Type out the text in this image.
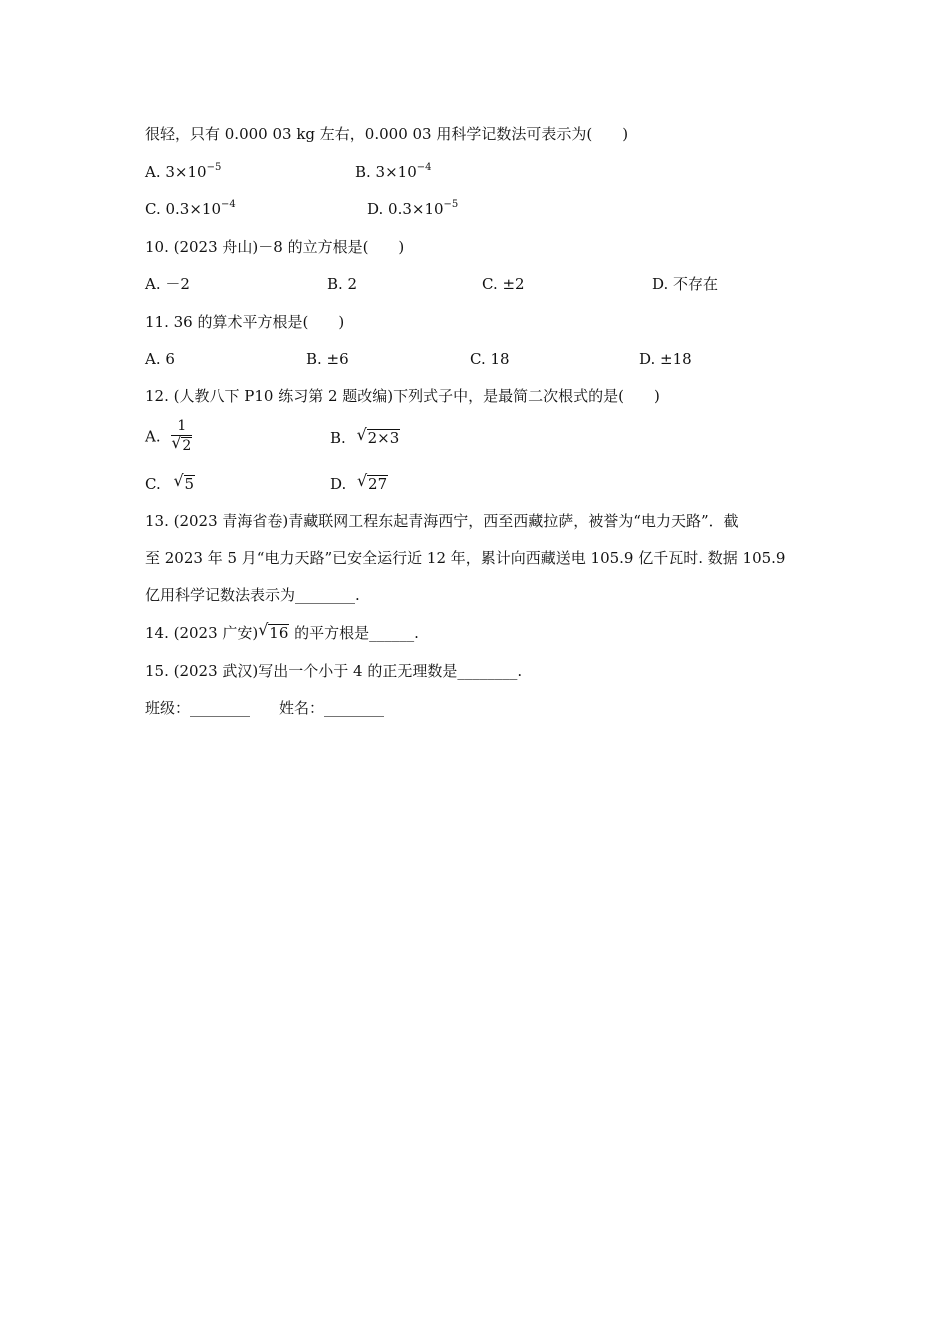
很轻，只有 0.000 03 kg 左右，0.000 03 用科学记数法可表示为(　　)
A. $3\times 10^{-5}$	B. $3\times 10^{-4}$
C. $0.3\times 10^{-4}$	D. $0.3\times 10^{-5}$
10. (2023 舟山)－8 的立方根是(　　)
A. －2	B. 2	C. ±2	D. 不存在
11. 36 的算术平方根是(　　)
A. 6	B. ±6	C. 18	D. ±18
12. (人教八下 P10 练习第 2 题改编)下列式子中，是最简二次根式的是(　　)
A. $\frac{1}{√ 2}$	B. √ 2×3
C. √ 5	D. √ 27
13. (2023 青海省卷)青藏联网工程东起青海西宁，西至西藏拉萨，被誉为“电力天路”．截
至 2023 年 5 月“电力天路”已安全运行近 12 年，累计向西藏送电 105.9 亿千瓦时. 数据 105.9
亿用科学记数法表示为________.
14. (2023 广安) √ 16 的平方根是______.
15. (2023 武汉)写出一个小于 4 的正无理数是________.
班级：________ 姓名：________
